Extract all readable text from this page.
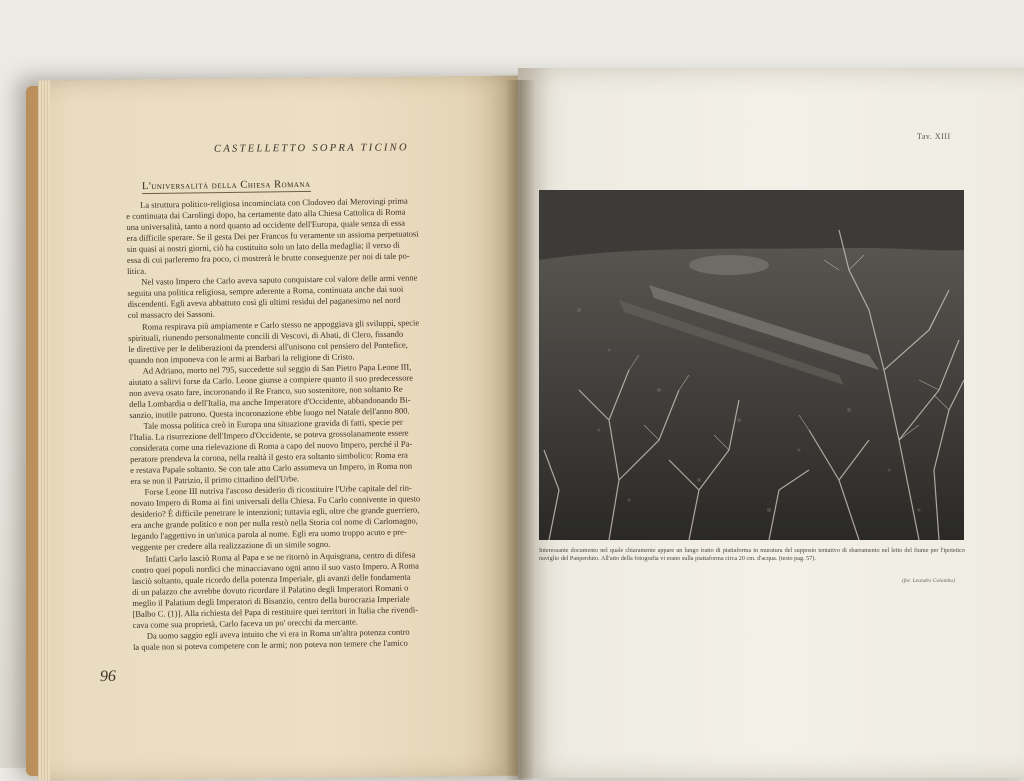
CASTELLETTO SOPRA TICINO
L'universalità della Chiesa Romana
La struttura politico-religiosa incominciata con Clodoveo dai Merovingi prima
e continuata dai Carolingi dopo, ha certamente dato alla Chiesa Cattolica di Roma
una universalità, tanto a nord quanto ad occidente dell'Europa, quale senza di essa
era difficile sperare. Se il gesta Dei per Francos fu veramente un assioma perpetuatosi
sin quasi ai nostri giorni, ciò ha costituito solo un lato della medaglia; il verso di
essa di cui parleremo fra poco, ci mostrerà le brutte conseguenze per noi di tale po-
litica.
Nel vasto Impero che Carlo aveva saputo conquistare col valore delle armi venne
seguita una politica religiosa, sempre aderente a Roma, continuata anche dai suoi
discendenti. Egli aveva abbattuto così gli ultimi residui del paganesimo nel nord
col massacro dei Sassoni.
Roma respirava più ampiamente e Carlo stesso ne appoggiava gli sviluppi, specie
spirituali, riunendo personalmente concili di Vescovi, di Abati, di Clero, fissando
le direttive per le deliberazioni da prendersi all'unisono col pensiero del Pontefice,
quando non imponeva con le armi ai Barbari la religione di Cristo.
Ad Adriano, morto nel 795, succedette sul seggio di San Pietro Papa Leone III,
aiutato a salirvi forse da Carlo. Leone giunse a compiere quanto il suo predecessore
non aveva osato fare, incoronando il Re Franco, suo sostenitore, non soltanto Re
della Lombardia o dell'Italia, ma anche Imperatore d'Occidente, abbandonando Bi-
sanzio, inutile patrono. Questa incoronazione ebbe luogo nel Natale dell'anno 800.
Tale mossa politica creò in Europa una situazione gravida di fatti, specie per
l'Italia. La risurrezione dell'Impero d'Occidente, se poteva grossolanamente essere
considerata come una rielevazione di Roma a capo del nuovo Impero, perché il Pa-
peratore prendeva la corona, nella realtà il gesto era soltanto simbolico: Roma era
e restava Papale soltanto. Se con tale atto Carlo assumeva un Impero, in Roma non
era se non il Patrizio, il primo cittadino dell'Urbe.
Forse Leone III nutriva l'ascoso desiderio di ricostituire l'Urbe capitale del rin-
novato Impero di Roma ai fini universali della Chiesa. Fu Carlo connivente in questo
desiderio? È difficile penetrare le intenzioni; tuttavia egli, oltre che grande guerriero,
era anche grande politico e non per nulla restò nella Storia col nome di Carlomagno,
legando l'aggettivo in un'unica parola al nome. Egli era uomo troppo acuto e pre-
veggente per credere alla realizzazione di un simile sogno.
Infatti Carlo lasciò Roma al Papa e se ne ritornò in Aquisgrana, centro di difesa
contro quei popoli nordici che minacciavano ogni anno il suo vasto Impero. A Roma
lasciò soltanto, quale ricordo della potenza Imperiale, gli avanzi delle fondamenta
di un palazzo che avrebbe dovuto ricordare il Palatino degli Imperatori Romani o
meglio il Palatium degli Imperatori di Bisanzio, centro della burocrazia Imperiale
[Balbo C. (1)]. Alla richiesta del Papa di restituire quei territori in Italia che rivendi-
cava come sua proprietà, Carlo faceva un po' orecchi da mercante.
Da uomo saggio egli aveva intuito che vi era in Roma un'altra potenza contro
la quale non si poteva competere con le armi; non poteva non temere che l'amico
96
Tav. XIII
Interessante documento nel quale chiaramente appare un lungo tratto di piattaforma in muratura del supposto tentativo di sbarramento nel letto del fiume per l'ipotetico naviglio del Panperduto. All'atto della fotografia vi erano sulla piattaforma circa 20 cm. d'acqua. (testo pag. 57).
(fot. Leandro Colombo)
